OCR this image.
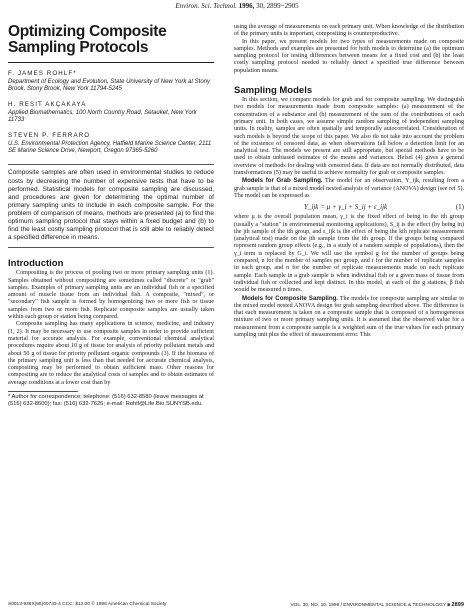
Environ. Sci. Technol. 1996, 30, 2899−2905
Optimizing Composite Sampling Protocols
F. JAMES ROHLF*
Department of Ecology and Evolution, State University of New York at Stony Brook, Stony Brook, New York 11794-5245
H. RESIT AKÇAKAYA
Applied Biomathematics, 100 North Country Road, Setauket, New York 11733
STEVEN P. FERRARO
U.S. Environmental Protection Agency, Hatfield Marine Science Center, 2111 SE Marine Science Drive, Newport, Oregon 97365-5260
Composite samples are often used in environmental studies to reduce costs by decreasing the number of expensive tests that have to be performed. Statistical models for composite sampling are discussed, and procedures are given for determining the optimal number of primary sampling units to include in each composite sample. For the problem of comparison of means, methods are presented (a) to find the optimum sampling protocol that stays within a fixed budget and (b) to find the least costly sampling protocol that is still able to reliably detect a specified difference in means.
Introduction

Compositing is the process of pooling two or more primary sampling units (1). Samples obtained without compositing are sometimes called "discrete" or "grab" samples. Examples of primary sampling units are an individual fish or a specified amount of muscle tissue from an individual fish. A composite, "mixed", or "secondary" fish sample is formed by homogenizing two or more fish or tissue samples from two or more fish. Replicate composite samples are usually taken within each group or station being compared.

Composite sampling has many applications in science, medicine, and industry (1, 2). It may be necessary to use composite samples in order to provide sufficient material for accurate analysis. For example, conventional chemical analytical procedures require about 10 g of tissue for analysis of priority pollutant metals and about 50 g of tissue for priority pollutant organic compounds (3). If the biomass of the primary sampling unit is less than that needed for accurate chemical analysis, compositing may be performed to obtain sufficient mass. Other reasons for compositing are to reduce the analytical costs of samples and to obtain estimates of average conditions at a lower cost than by

* Author for correspondence; telephone: (516) 632-8580 (leave messages at (516) 632-8600); fax: (516) 632-7626; e-mail: Rohlf@Life.Bio.SUNYSB.edu.

using the average of measurements on each primary unit. When knowledge of the distribution of the primary units is important, compositing is counterproductive.

In this paper, we present models for two types of measurements made on composite samples. Methods and examples are presented for both models to determine (a) the optimum sampling protocol for testing differences between means for a fixed cost and (b) the least costly sampling protocol needed to reliably detect a specified true difference between population means.

Sampling Models

In this section, we compare models for grab and for composite sampling. We distinguish two models for measurements made from composite samples: (a) measurement of the concentration of a substance and (b) measurement of the sum of the contributions of each primary unit. In both cases, we assume simple random sampling of independent sampling units. In reality, samples are often spatially and temporally autocorrelated. Consideration of such models is beyond the scope of this paper. We also do not take into account the problem of the existence of censored data, as when observations fall below a detection limit for an analytical test. The models we present are still appropriate, but special methods have to be used to obtain unbiased estimates of the means and variances. Helsel (4) gives a general overview of methods for dealing with censored data. If data are not normally distributed, data transformations (5) may be useful to achieve normality for grab or composite samples.

Models for Grab Sampling. The model for an observation, Y_ijk, resulting from a grab sample is that of a mixed model nested analysis of variance (ANOVA) design (see ref 5). The model can be expressed as

Y_ijk = μ + γ_i + S_ij + ε_ijk	(1)

where μ is the overall population mean, γ_i is the fixed effect of being in the ith group (usually a "station" in environmental monitoring applications), S_ij is the effect (by being in) the jth sample of the ith group, and ε_ijk is the effect of being the kth replicate measurement (analytical test) made on the jth sample from the ith group. If the groups being compared represent random group effects (e.g., in a study of a random sample of populations), then the γ_i term is replaced by G_i. We will use the symbol g for the number of groups being compared, n for the number of samples per group, and r for the number of replicate samples in each group, and n for the number of replicate measurements made on each replicate sample. Each sample in a grab sample is when individual fish or a given mass of tissue from individual fish or collected and kept distinct. In this model, at each of the g stations, β fish would be measured n times.

Models for Composite Sampling. The models for composite sampling are similar to the mixed model nested ANOVA design for grab sampling described above. The difference is that each measurement is taken on a composite sample that is composed of a homogeneous mixture of two or more primary sampling units. It is assumed that the observed value for a measurement from a composite sample is a weighted sum of the true values for each primary sampling unit plus the effect of measurement error. This

S0013-936X(95)00733-4 CCC: $12.00 © 1996 American Chemical Society	VOL. 30, NO. 10, 1996 / ENVIRONMENTAL SCIENCE & TECHNOLOGY ■ 2899
